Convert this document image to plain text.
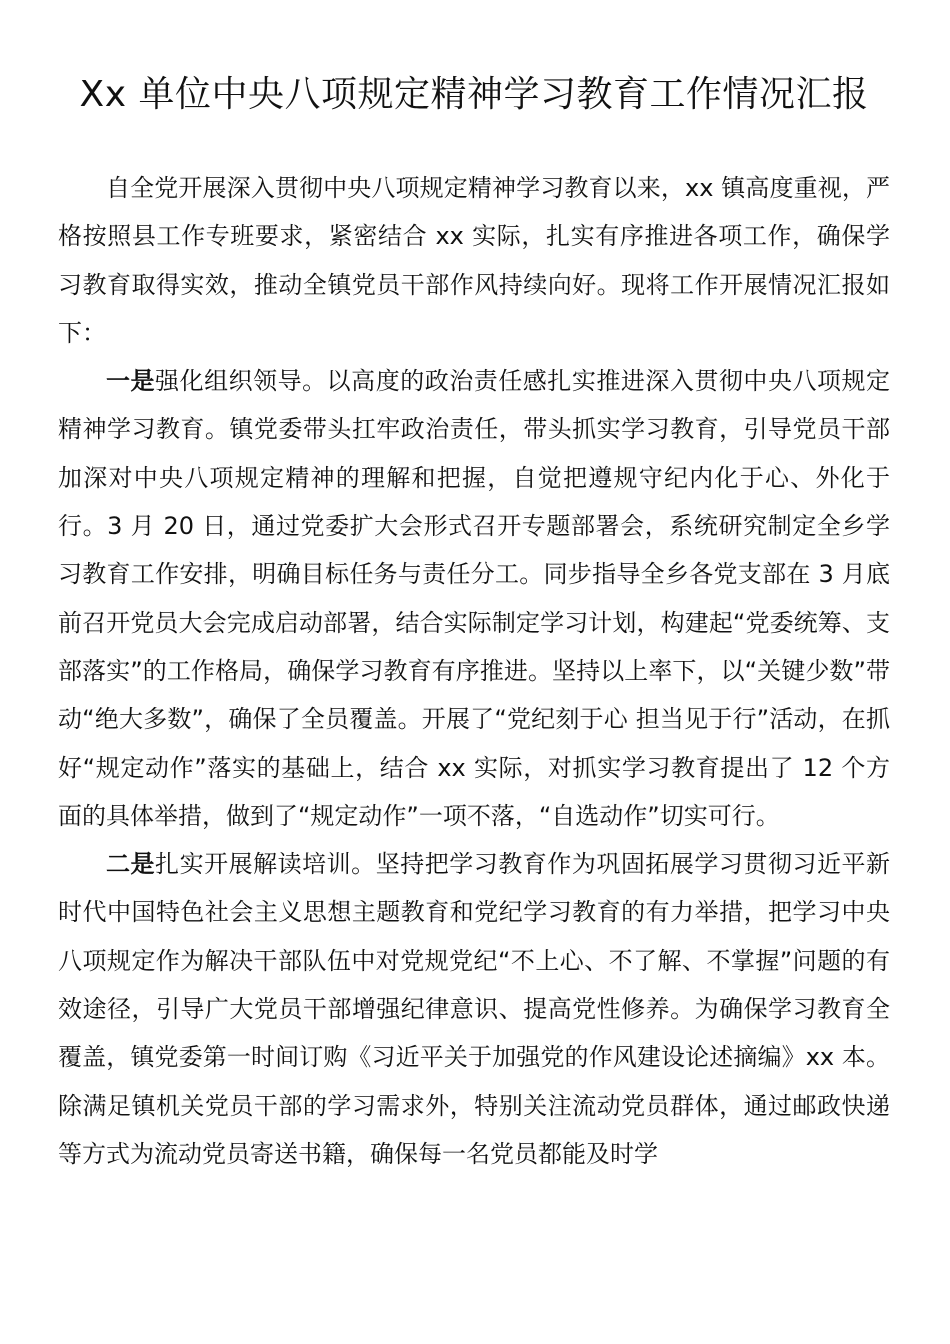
Xx 单位中央八项规定精神学习教育工作情况汇报

自全党开展深入贯彻中央八项规定精神学习教育以来，xx 镇高度重视，严格按照县工作专班要求，紧密结合 xx 实际，扎实有序推进各项工作，确保学习教育取得实效，推动全镇党员干部作风持续向好。现将工作开展情况汇报如下：

一是强化组织领导。以高度的政治责任感扎实推进深入贯彻中央八项规定精神学习教育。镇党委带头扛牢政治责任，带头抓实学习教育，引导党员干部加深对中央八项规定精神的理解和把握，自觉把遵规守纪内化于心、外化于行。3 月 20 日，通过党委扩大会形式召开专题部署会，系统研究制定全乡学习教育工作安排，明确目标任务与责任分工。同步指导全乡各党支部在 3 月底前召开党员大会完成启动部署，结合实际制定学习计划，构建起“党委统筹、支部落实”的工作格局，确保学习教育有序推进。坚持以上率下，以“关键少数”带动“绝大多数”，确保了全员覆盖。开展了“党纪刻于心 担当见于行”活动，在抓好“规定动作”落实的基础上，结合 xx 实际，对抓实学习教育提出了 12 个方面的具体举措，做到了“规定动作”一项不落，“自选动作”切实可行。

二是扎实开展解读培训。坚持把学习教育作为巩固拓展学习贯彻习近平新时代中国特色社会主义思想主题教育和党纪学习教育的有力举措，把学习中央八项规定作为解决干部队伍中对党规党纪“不上心、不了解、不掌握”问题的有效途径，引导广大党员干部增强纪律意识、提高党性修养。为确保学习教育全覆盖，镇党委第一时间订购《习近平关于加强党的作风建设论述摘编》xx 本。除满足镇机关党员干部的学习需求外，特别关注流动党员群体，通过邮政快递等方式为流动党员寄送书籍，确保每一名党员都能及时学
